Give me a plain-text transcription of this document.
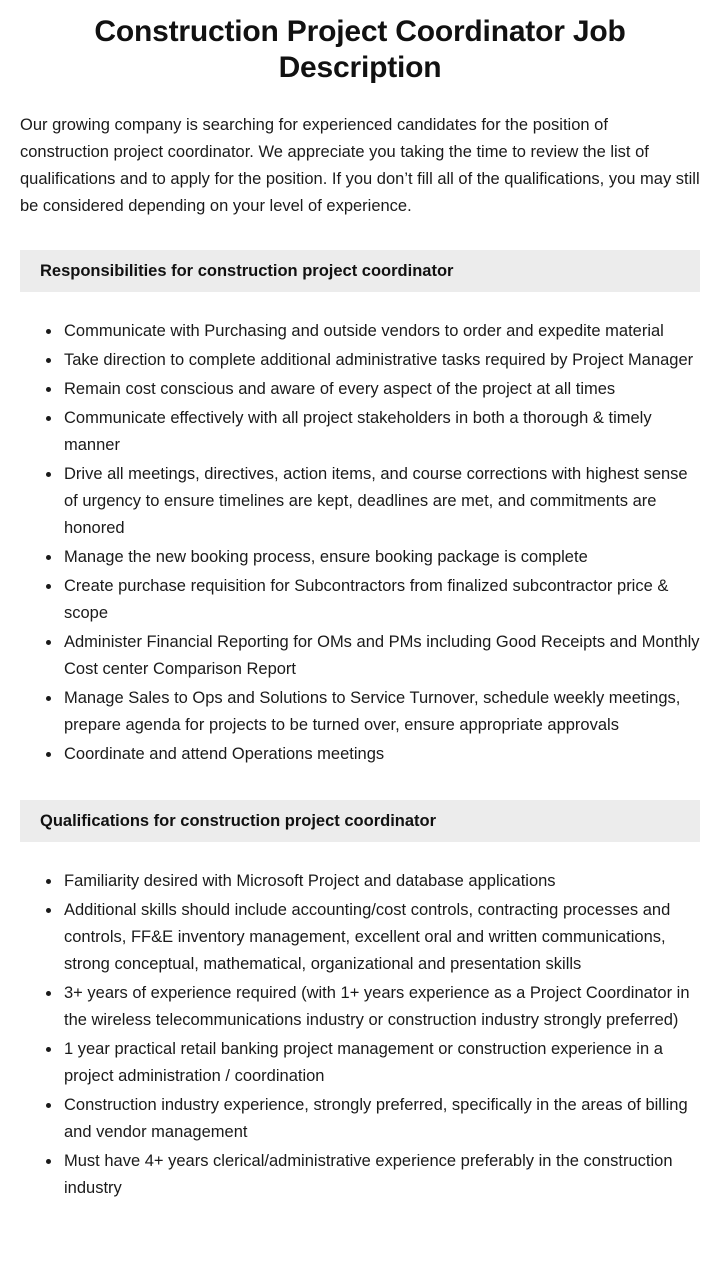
Construction Project Coordinator Job Description

Our growing company is searching for experienced candidates for the position of construction project coordinator. We appreciate you taking the time to review the list of qualifications and to apply for the position. If you don’t fill all of the qualifications, you may still be considered depending on your level of experience.

Responsibilities for construction project coordinator
• Communicate with Purchasing and outside vendors to order and expedite material
• Take direction to complete additional administrative tasks required by Project Manager
• Remain cost conscious and aware of every aspect of the project at all times
• Communicate effectively with all project stakeholders in both a thorough & timely manner
• Drive all meetings, directives, action items, and course corrections with highest sense of urgency to ensure timelines are kept, deadlines are met, and commitments are honored
• Manage the new booking process, ensure booking package is complete
• Create purchase requisition for Subcontractors from finalized subcontractor price & scope
• Administer Financial Reporting for OMs and PMs including Good Receipts and Monthly Cost center Comparison Report
• Manage Sales to Ops and Solutions to Service Turnover, schedule weekly meetings, prepare agenda for projects to be turned over, ensure appropriate approvals
• Coordinate and attend Operations meetings
Qualifications for construction project coordinator
• Familiarity desired with Microsoft Project and database applications
• Additional skills should include accounting/cost controls, contracting processes and controls, FF&E inventory management, excellent oral and written communications, strong conceptual, mathematical, organizational and presentation skills
• 3+ years of experience required (with 1+ years experience as a Project Coordinator in the wireless telecommunications industry or construction industry strongly preferred)
• 1 year practical retail banking project management or construction experience in a project administration / coordination
• Construction industry experience, strongly preferred, specifically in the areas of billing and vendor management
• Must have 4+ years clerical/administrative experience preferably in the construction industry
